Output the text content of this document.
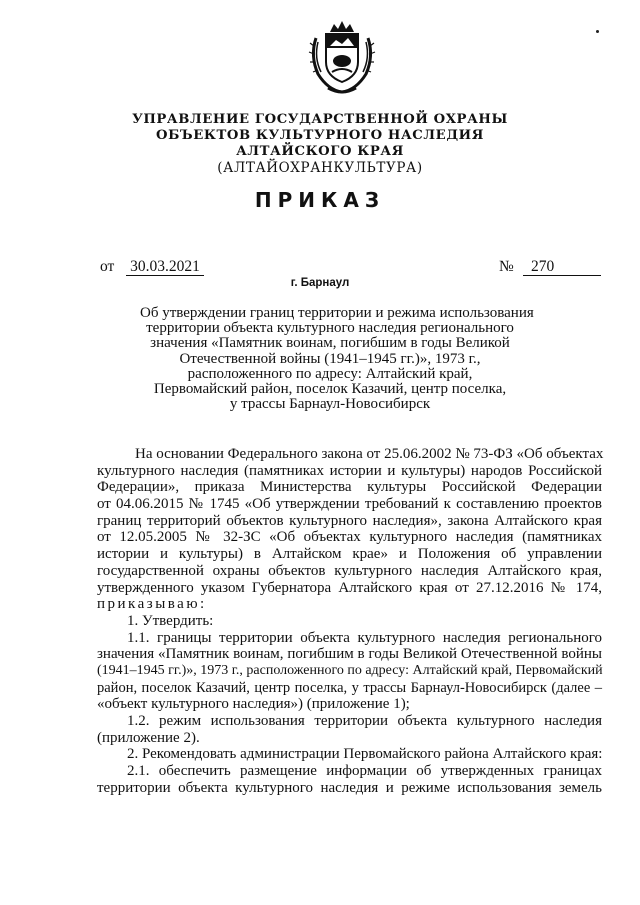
УПРАВЛЕНИЕ ГОСУДАРСТВЕННОЙ ОХРАНЫ
ОБЪЕКТОВ КУЛЬТУРНОГО НАСЛЕДИЯ
АЛТАЙСКОГО КРАЯ
(АЛТАЙОХРАНКУЛЬТУРА)
ПРИКАЗ
от 30.03.2021	№	270
г. Барнаул
Об утверждении границ территории и режима использования
территории объекта культурного наследия регионального
значения «Памятник воинам, погибшим в годы Великой
Отечественной войны (1941–1945 гг.)», 1973 г.,
расположенного по адресу: Алтайский край,
Первомайский район, поселок Казачий, центр поселка,
у трассы Барнаул-Новосибирск
На основании Федерального закона от 25.06.2002 № 73-ФЗ «Об объектах
культурного наследия (памятниках истории и культуры) народов Российской
Федерации», приказа Министерства культуры Российской Федерации
от 04.06.2015 № 1745 «Об утверждении требований к составлению проектов
границ территорий объектов культурного наследия», закона Алтайского края
от 12.05.2005 № 32-ЗС «Об объектах культурного наследия (памятниках
истории и культуры) в Алтайском крае» и Положения об управлении
государственной охраны объектов культурного наследия Алтайского края,
утвержденного указом Губернатора Алтайского края от 27.12.2016 № 174,
приказываю:
1. Утвердить:
1.1. границы территории объекта культурного наследия регионального
значения «Памятник воинам, погибшим в годы Великой Отечественной войны
(1941–1945 гг.)», 1973 г., расположенного по адресу: Алтайский край, Первомайский
район, поселок Казачий, центр поселка, у трассы Барнаул-Новосибирск (далее –
«объект культурного наследия») (приложение 1);
1.2. режим использования территории объекта культурного наследия
(приложение 2).
2. Рекомендовать администрации Первомайского района Алтайского края:
2.1. обеспечить размещение информации об утвержденных границах
территории объекта культурного наследия и режиме использования земель
